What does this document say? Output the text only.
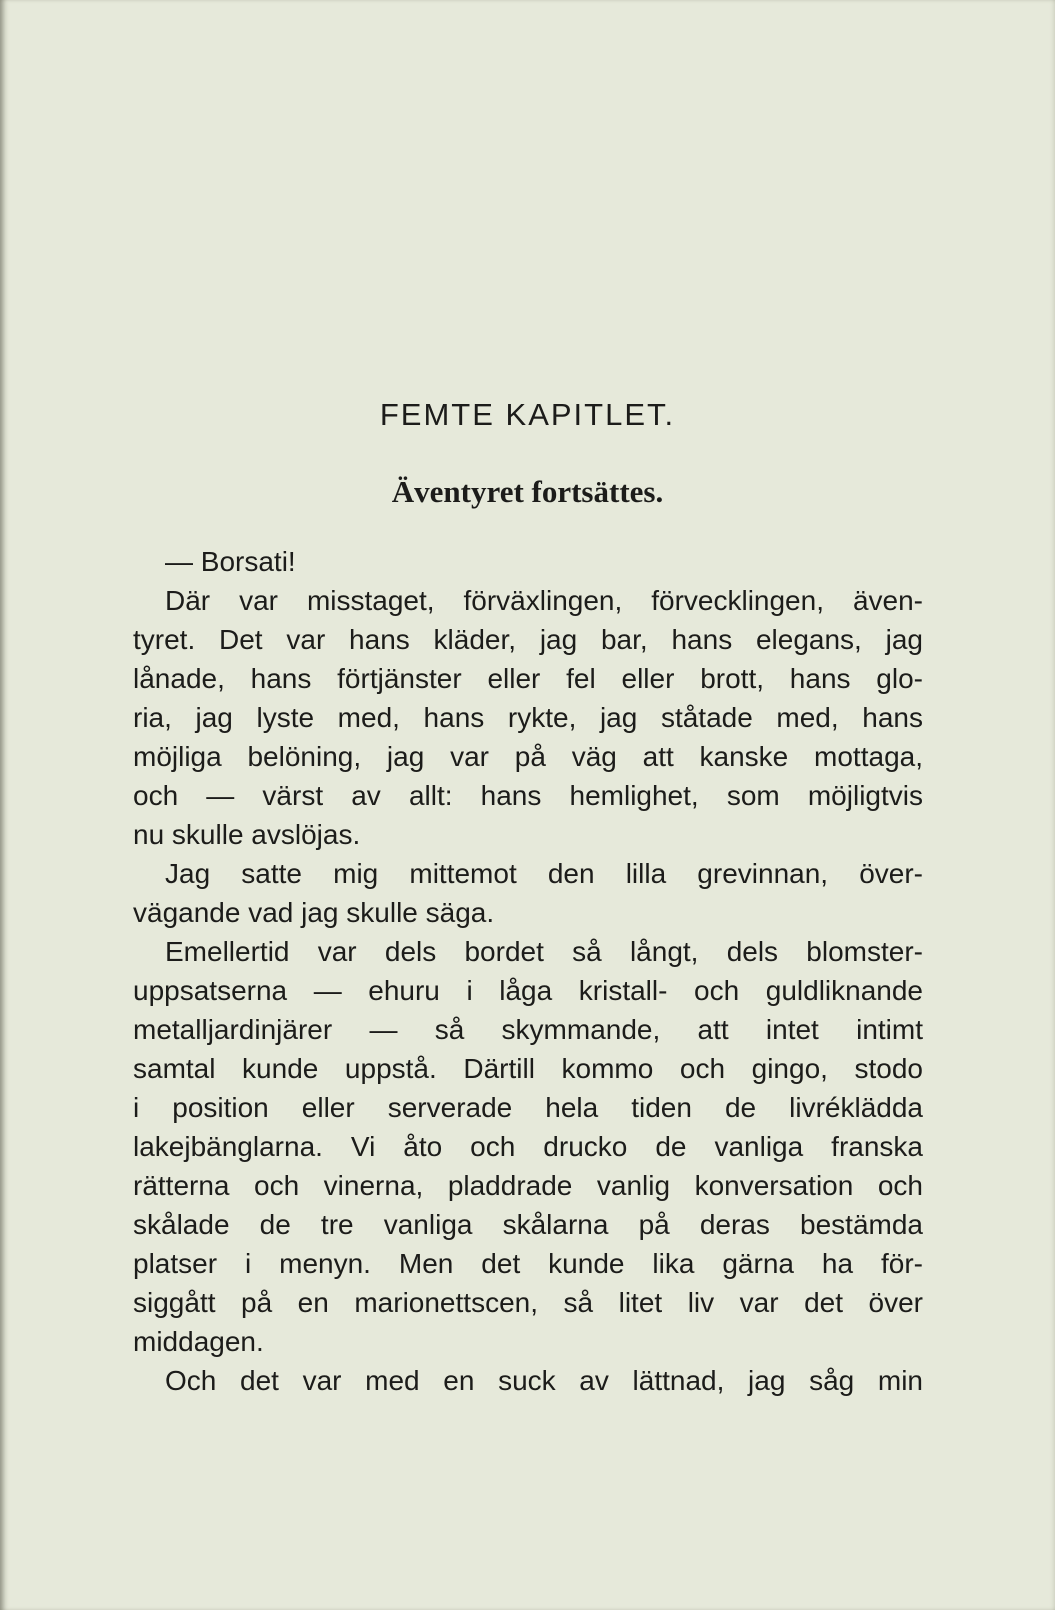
FEMTE KAPITLET.
Äventyret fortsättes.
— Borsati!
Där var misstaget, förväxlingen, förvecklingen, även-
tyret. Det var hans kläder, jag bar, hans elegans, jag
lånade, hans förtjänster eller fel eller brott, hans glo-
ria, jag lyste med, hans rykte, jag ståtade med, hans
möjliga belöning, jag var på väg att kanske mottaga,
och — värst av allt: hans hemlighet, som möjligtvis
nu skulle avslöjas.
Jag satte mig mittemot den lilla grevinnan, över-
vägande vad jag skulle säga.
Emellertid var dels bordet så långt, dels blomster-
uppsatserna — ehuru i låga kristall- och guldliknande
metalljardinjärer — så skymmande, att intet intimt
samtal kunde uppstå. Därtill kommo och gingo, stodo
i position eller serverade hela tiden de livréklädda
lakejbänglarna. Vi åto och drucko de vanliga franska
rätterna och vinerna, pladdrade vanlig konversation och
skålade de tre vanliga skålarna på deras bestämda
platser i menyn. Men det kunde lika gärna ha för-
siggått på en marionettscen, så litet liv var det över
middagen.
Och det var med en suck av lättnad, jag såg min
